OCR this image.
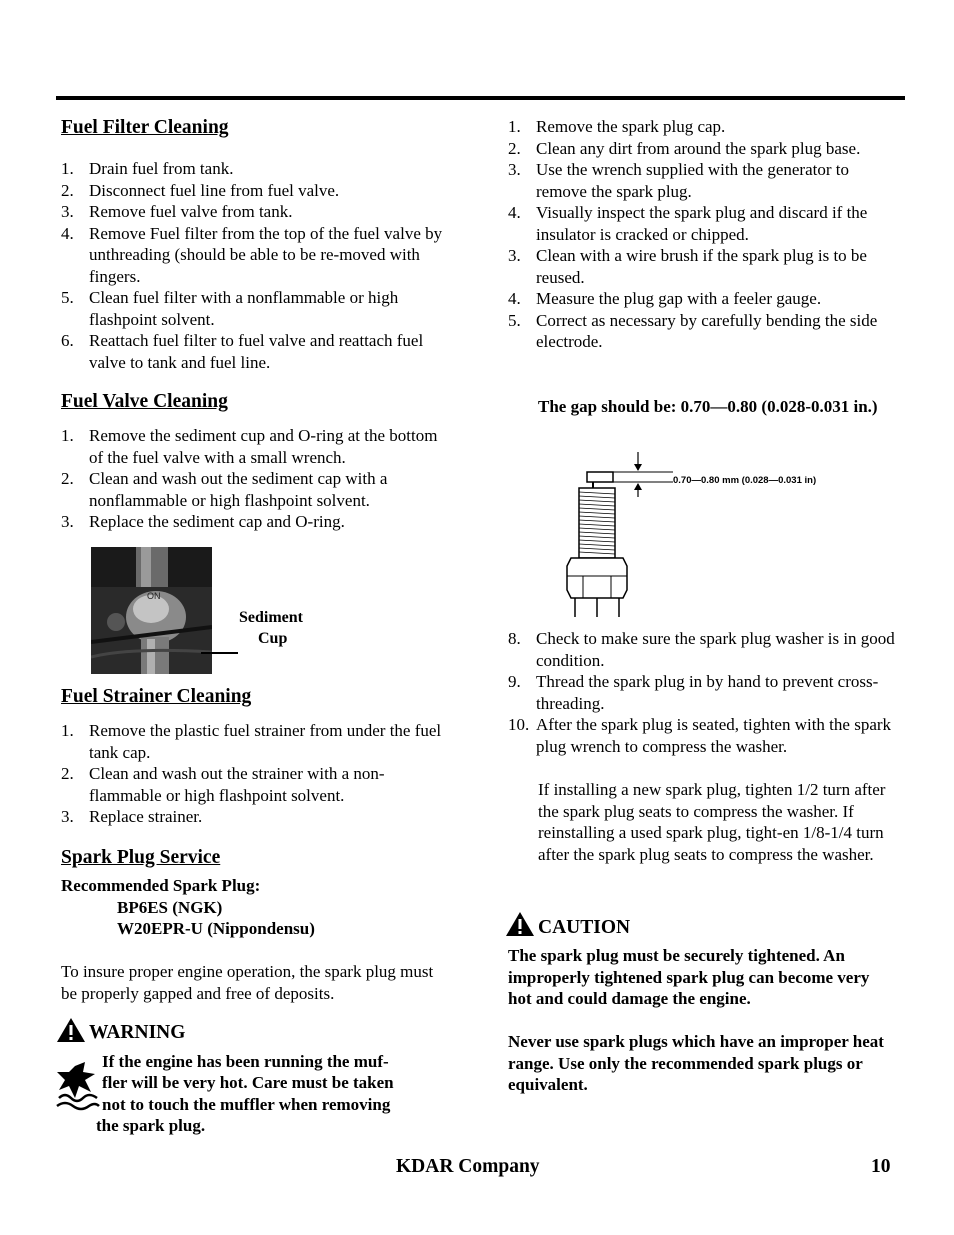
Fuel Filter Cleaning
1. Drain fuel from tank.
2. Disconnect fuel line from fuel valve.
3. Remove fuel valve from tank.
4. Remove Fuel filter from the top of the fuel valve by unthreading (should be able to be re-moved with fingers.
5. Clean fuel filter with a nonflammable or high flashpoint solvent.
6. Reattach fuel filter to fuel valve and reattach fuel valve to tank and fuel line.
Fuel Valve Cleaning
1. Remove the sediment cup and O-ring at the bottom of the fuel valve with a small wrench.
2. Clean and wash out the sediment cap with a nonflammable or high flashpoint solvent.
3. Replace the sediment cap and O-ring.
ON
Sediment
Cup
Fuel Strainer Cleaning
1. Remove the plastic fuel strainer from under the fuel tank cap.
2. Clean and wash out the strainer with a non-flammable or high flashpoint solvent.
3. Replace strainer.
Spark Plug Service
Recommended Spark Plug:
BP6ES (NGK)
W20EPR-U (Nippondensu)
To insure proper engine operation, the spark plug must be properly gapped and free of deposits.
WARNING
If the engine has been running the muf-
fler will be very hot. Care must be taken
not to touch the muffler when removing
the spark plug.
1. Remove the spark plug cap.
2. Clean any dirt from around the spark plug base.
3. Use the wrench supplied with the generator to remove the spark plug.
4. Visually inspect the spark plug and discard if the insulator is cracked or chipped.
3. Clean with a wire brush if the spark plug is to be reused.
4. Measure the plug gap with a feeler gauge.
5. Correct as necessary by carefully bending the side electrode.
The gap should be: 0.70—0.80 (0.028-0.031 in.)
0.70—0.80 mm (0.028—0.031 in)
8. Check to make sure the spark plug washer is in good condition.
9. Thread the spark plug in by hand to prevent cross-threading.
10. After the spark plug is seated, tighten with the spark plug wrench to compress the washer.
If installing a new spark plug, tighten 1/2 turn after the spark plug seats to compress the washer. If reinstalling a used spark plug, tight-en 1/8-1/4 turn after the spark plug seats to compress the washer.
CAUTION
The spark plug must be securely tightened. An improperly tightened spark plug can become very hot and could damage the engine.
Never use spark plugs which have an improper heat range. Use only the recommended spark plugs or equivalent.
KDAR Company	10
